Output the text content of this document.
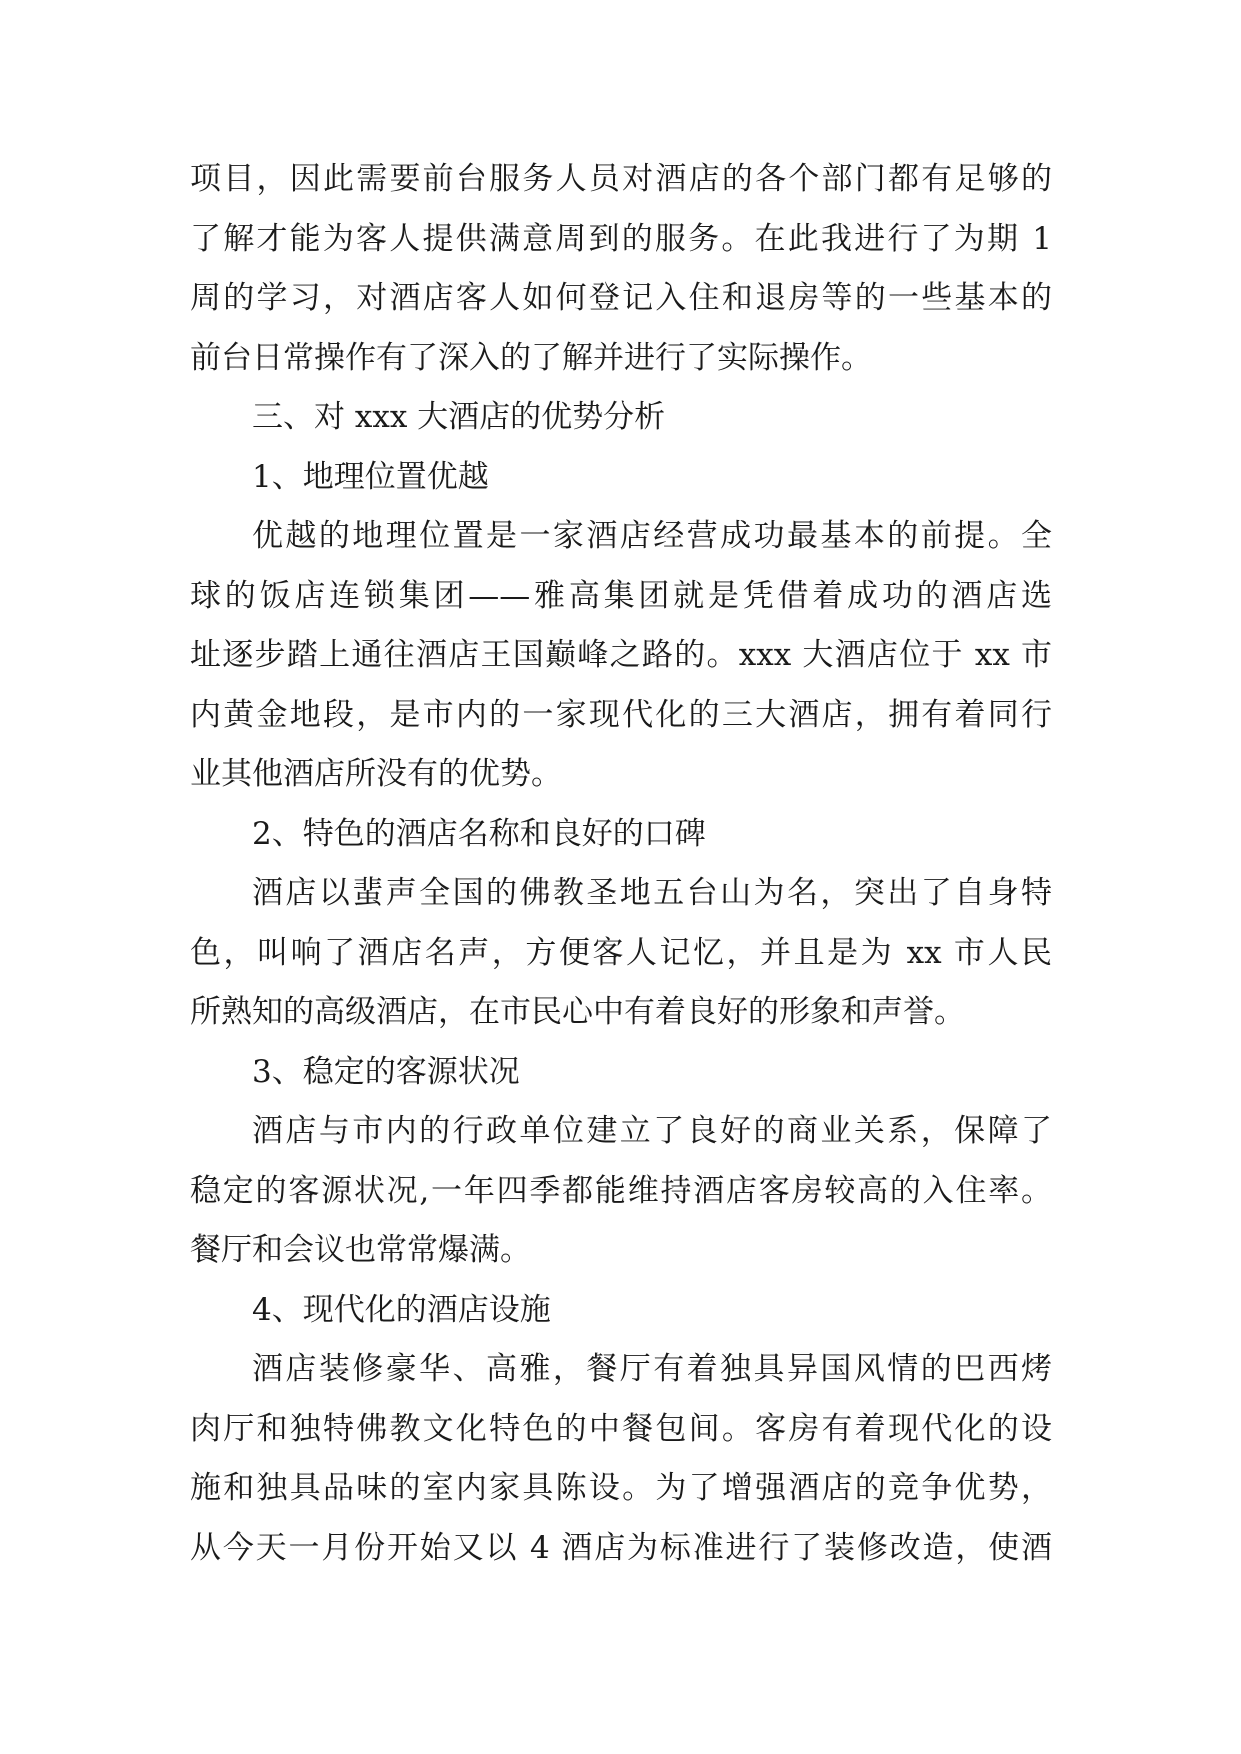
项目，因此需要前台服务人员对酒店的各个部门都有足够的
了解才能为客人提供满意周到的服务。在此我进行了为期 1
周的学习，对酒店客人如何登记入住和退房等的一些基本的
前台日常操作有了深入的了解并进行了实际操作。
三、对 xxx 大酒店的优势分析
1、地理位置优越
优越的地理位置是一家酒店经营成功最基本的前提。全
球的饭店连锁集团——雅高集团就是凭借着成功的酒店选
址逐步踏上通往酒店王国巅峰之路的。xxx 大酒店位于 xx 市
内黄金地段，是市内的一家现代化的三大酒店，拥有着同行
业其他酒店所没有的优势。
2、特色的酒店名称和良好的口碑
酒店以蜚声全国的佛教圣地五台山为名，突出了自身特
色，叫响了酒店名声，方便客人记忆，并且是为 xx 市人民
所熟知的高级酒店，在市民心中有着良好的形象和声誉。
3、稳定的客源状况
酒店与市内的行政单位建立了良好的商业关系，保障了
稳定的客源状况,一年四季都能维持酒店客房较高的入住率。
餐厅和会议也常常爆满。
4、现代化的酒店设施
酒店装修豪华、高雅，餐厅有着独具异国风情的巴西烤
肉厅和独特佛教文化特色的中餐包间。客房有着现代化的设
施和独具品味的室内家具陈设。为了增强酒店的竞争优势，
从今天一月份开始又以 4 酒店为标准进行了装修改造，使酒
